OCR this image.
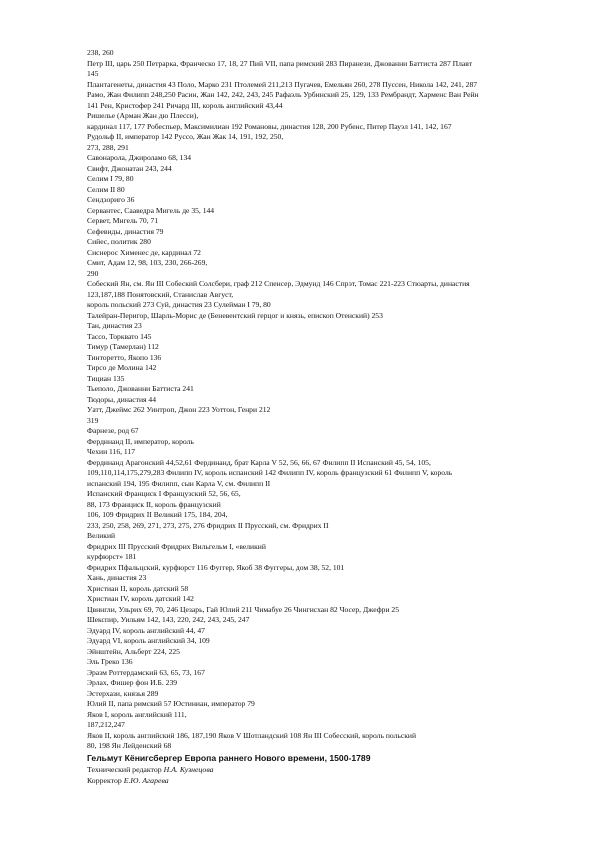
238, 260
Петр III, царь 250 Петрарка, Франческо 17, 18, 27 Пий VII, папа римский 283 Пиранези, Джованни Баттиста 287 Плавт
145
Плантагенеты, династия 43 Поло, Марко 231 Птолемей 211,213 Пугачев, Емельян 260, 278 Пуссен, Никола 142, 241, 287
Рамо, Жан Филипп 248,250 Расин, Жан 142, 242, 243, 245 Рафаэль Урбинский 25, 129, 133 Рембрандт, Харменс Ван Рейн
141 Рен, Кристофер 241 Ричард III, король английский 43,44
Ришелье (Арман Жан дю Плесси),
кардинал 117, 177 Робеспьер, Максимилиан 192 Романовы, династия 128, 200 Рубенс, Питер Пауэл 141, 142, 167
Рудольф II, император 142 Руссо, Жан Жак 14, 191, 192, 250,
273, 288, 291
Савонарола, Джироламо 68, 134
Свифт, Джонатан 243, 244
Селим I 79, 80
Селим II 80
Сендзориго 36
Сервантес, Сааведра Мигель де 35, 144
Сервет, Мигель 70, 71
Сефевиды, династия 79
Сийес, политик 280
Сиснерос Хименес де, кардинал 72
Смит, Адам 12, 98, 103, 230, 266-269,
290
Собеский Ян, см. Ян III Собеский Солсбери, граф 212 Спенсер, Эдмунд 146 Спрэт, Томас 221-223 Стюарты, династия
123,187,188 Понятовский, Станислав Август,
король польский 273 Суй, династия 23 Сулейман I 79, 80
Талейран-Перигор, Шарль-Морис де (Беневентский герцог и князь, епископ Отенский) 253
Тан, династия 23
Тассо, Торквато 145
Тимур (Тамерлан) 112
Тинторетто, Якопо 136
Тирсо де Молина 142
Тициан 135
Тьеполо, Джованни Баттиста 241
Тюдоры, династия 44
Уатт, Джеймс 262 Уинтроп, Джон 223 Уоттон, Генри 212
319
Фарнезе, род 67
Фердинанд II, император, король
Чехии 116, 117
Фердинанд Арагонский 44,52,61 Фердинанд, брат Карла V 52, 56, 66, 67 Филипп II Испанский 45, 54, 105,
109,110,114,175,279,283 Филипп IV, король испанский 142 Филипп IV, король французский 61 Филипп V, король
испанский 194, 195 Филипп, сын Карла V, см. Филипп II
Испанский Франциск I Французский 52, 56, 65,
88, 173 Франциск II, король французский
106, 109 Фридрих II Великий 175, 184, 204,
233, 250, 258, 269, 271, 273, 275, 276 Фридрих II Прусский, см. Фридрих II
Великий
Фридрих III Прусский Фридрих Вильгельм I, «великий
курфюрст» 181
Фридрих Пфальцский, курфюрст 116 Фуггер, Якоб 38 Фуггеры, дом 38, 52, 101
Хань, династия 23
Христиан II, король датский 58
Христиан IV, король датский 142
Цвингли, Ульрих 69, 70, 246 Цезарь, Гай Юлий 211 Чимабуе 26 Чингисхан 82 Чосер, Джефри 25
Шекспир, Уильям 142, 143, 220, 242, 243, 245, 247
Эдуард IV, король английский 44, 47
Эдуард VI, король английский 34, 109
Эйнштейн, Альберт 224, 225
Эль Греко 136
Эразм Роттердамский 63, 65, 73, 167
Эрлах, Фишер фон И.Б. 239
Эстерхази, князья 289
Юлий II, папа римский 57 Юстиниан, император 79
Яков I, король английский 111,
187,212,247
Яков II, король английский 186, 187,190 Яков V Шотландский 108 Ян III Собесский, король польский
80, 198 Ян Лейденский 68
Гельмут Кёнигсбергер Европа раннего Нового времени, 1500-1789
Технический редактор Н.А. Кузнецова
Корректор Е.Ю. Агарева
